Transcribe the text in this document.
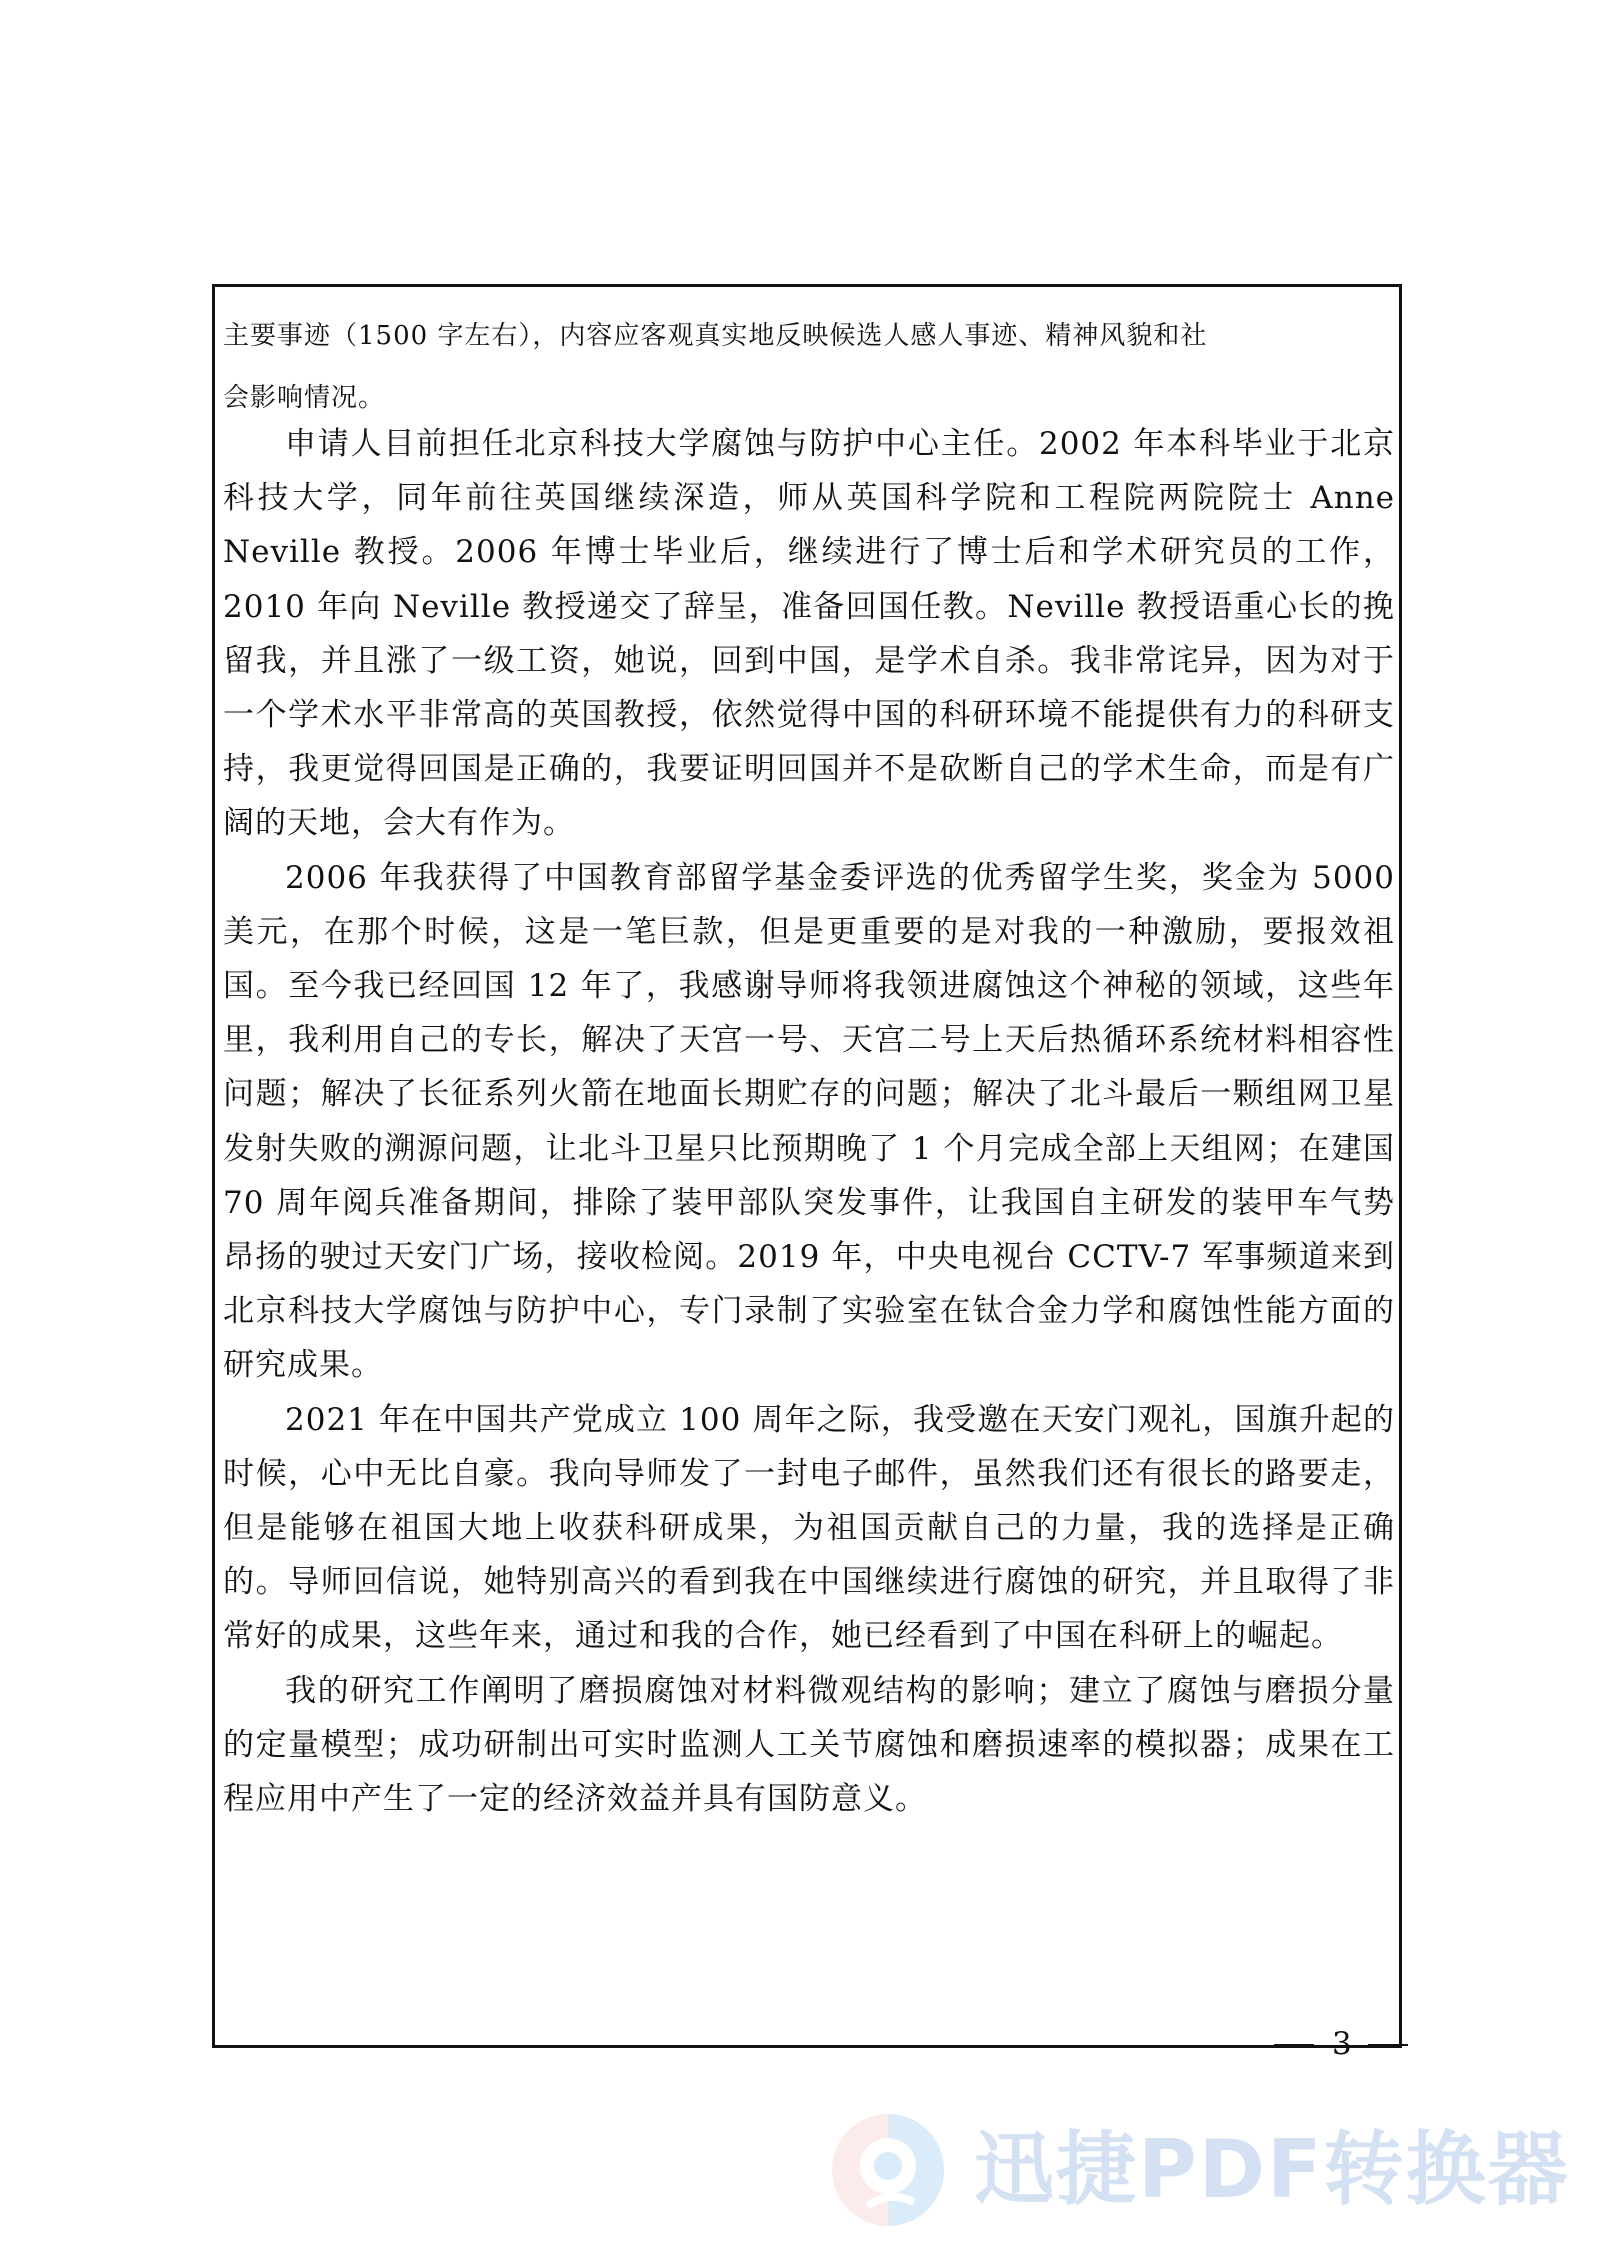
主要事迹（1500 字左右），内容应客观真实地反映候选人感人事迹、精神风貌和社
会影响情况。

申请人目前担任北京科技大学腐蚀与防护中心主任。2002 年本科毕业于北京科技大学，同年前往英国继续深造，师从英国科学院和工程院两院院士 Anne Neville 教授。2006 年博士毕业后，继续进行了博士后和学术研究员的工作，2010 年向 Neville 教授递交了辞呈，准备回国任教。Neville 教授语重心长的挽留我，并且涨了一级工资，她说，回到中国，是学术自杀。我非常诧异，因为对于一个学术水平非常高的英国教授，依然觉得中国的科研环境不能提供有力的科研支持，我更觉得回国是正确的，我要证明回国并不是砍断自己的学术生命，而是有广阔的天地，会大有作为。

2006 年我获得了中国教育部留学基金委评选的优秀留学生奖，奖金为 5000 美元，在那个时候，这是一笔巨款，但是更重要的是对我的一种激励，要报效祖国。至今我已经回国 12 年了，我感谢导师将我领进腐蚀这个神秘的领域，这些年里，我利用自己的专长，解决了天宫一号、天宫二号上天后热循环系统材料相容性问题；解决了长征系列火箭在地面长期贮存的问题；解决了北斗最后一颗组网卫星发射失败的溯源问题，让北斗卫星只比预期晚了 1 个月完成全部上天组网；在建国 70 周年阅兵准备期间，排除了装甲部队突发事件，让我国自主研发的装甲车气势昂扬的驶过天安门广场，接收检阅。2019 年，中央电视台 CCTV-7 军事频道来到北京科技大学腐蚀与防护中心，专门录制了实验室在钛合金力学和腐蚀性能方面的研究成果。

2021 年在中国共产党成立 100 周年之际，我受邀在天安门观礼，国旗升起的时候，心中无比自豪。我向导师发了一封电子邮件，虽然我们还有很长的路要走，但是能够在祖国大地上收获科研成果，为祖国贡献自己的力量，我的选择是正确的。导师回信说，她特别高兴的看到我在中国继续进行腐蚀的研究，并且取得了非常好的成果，这些年来，通过和我的合作，她已经看到了中国在科研上的崛起。

我的研究工作阐明了磨损腐蚀对材料微观结构的影响；建立了腐蚀与磨损分量的定量模型；成功研制出可实时监测人工关节腐蚀和磨损速率的模拟器；成果在工程应用中产生了一定的经济效益并具有国防意义。

3
迅捷PDF转换器
